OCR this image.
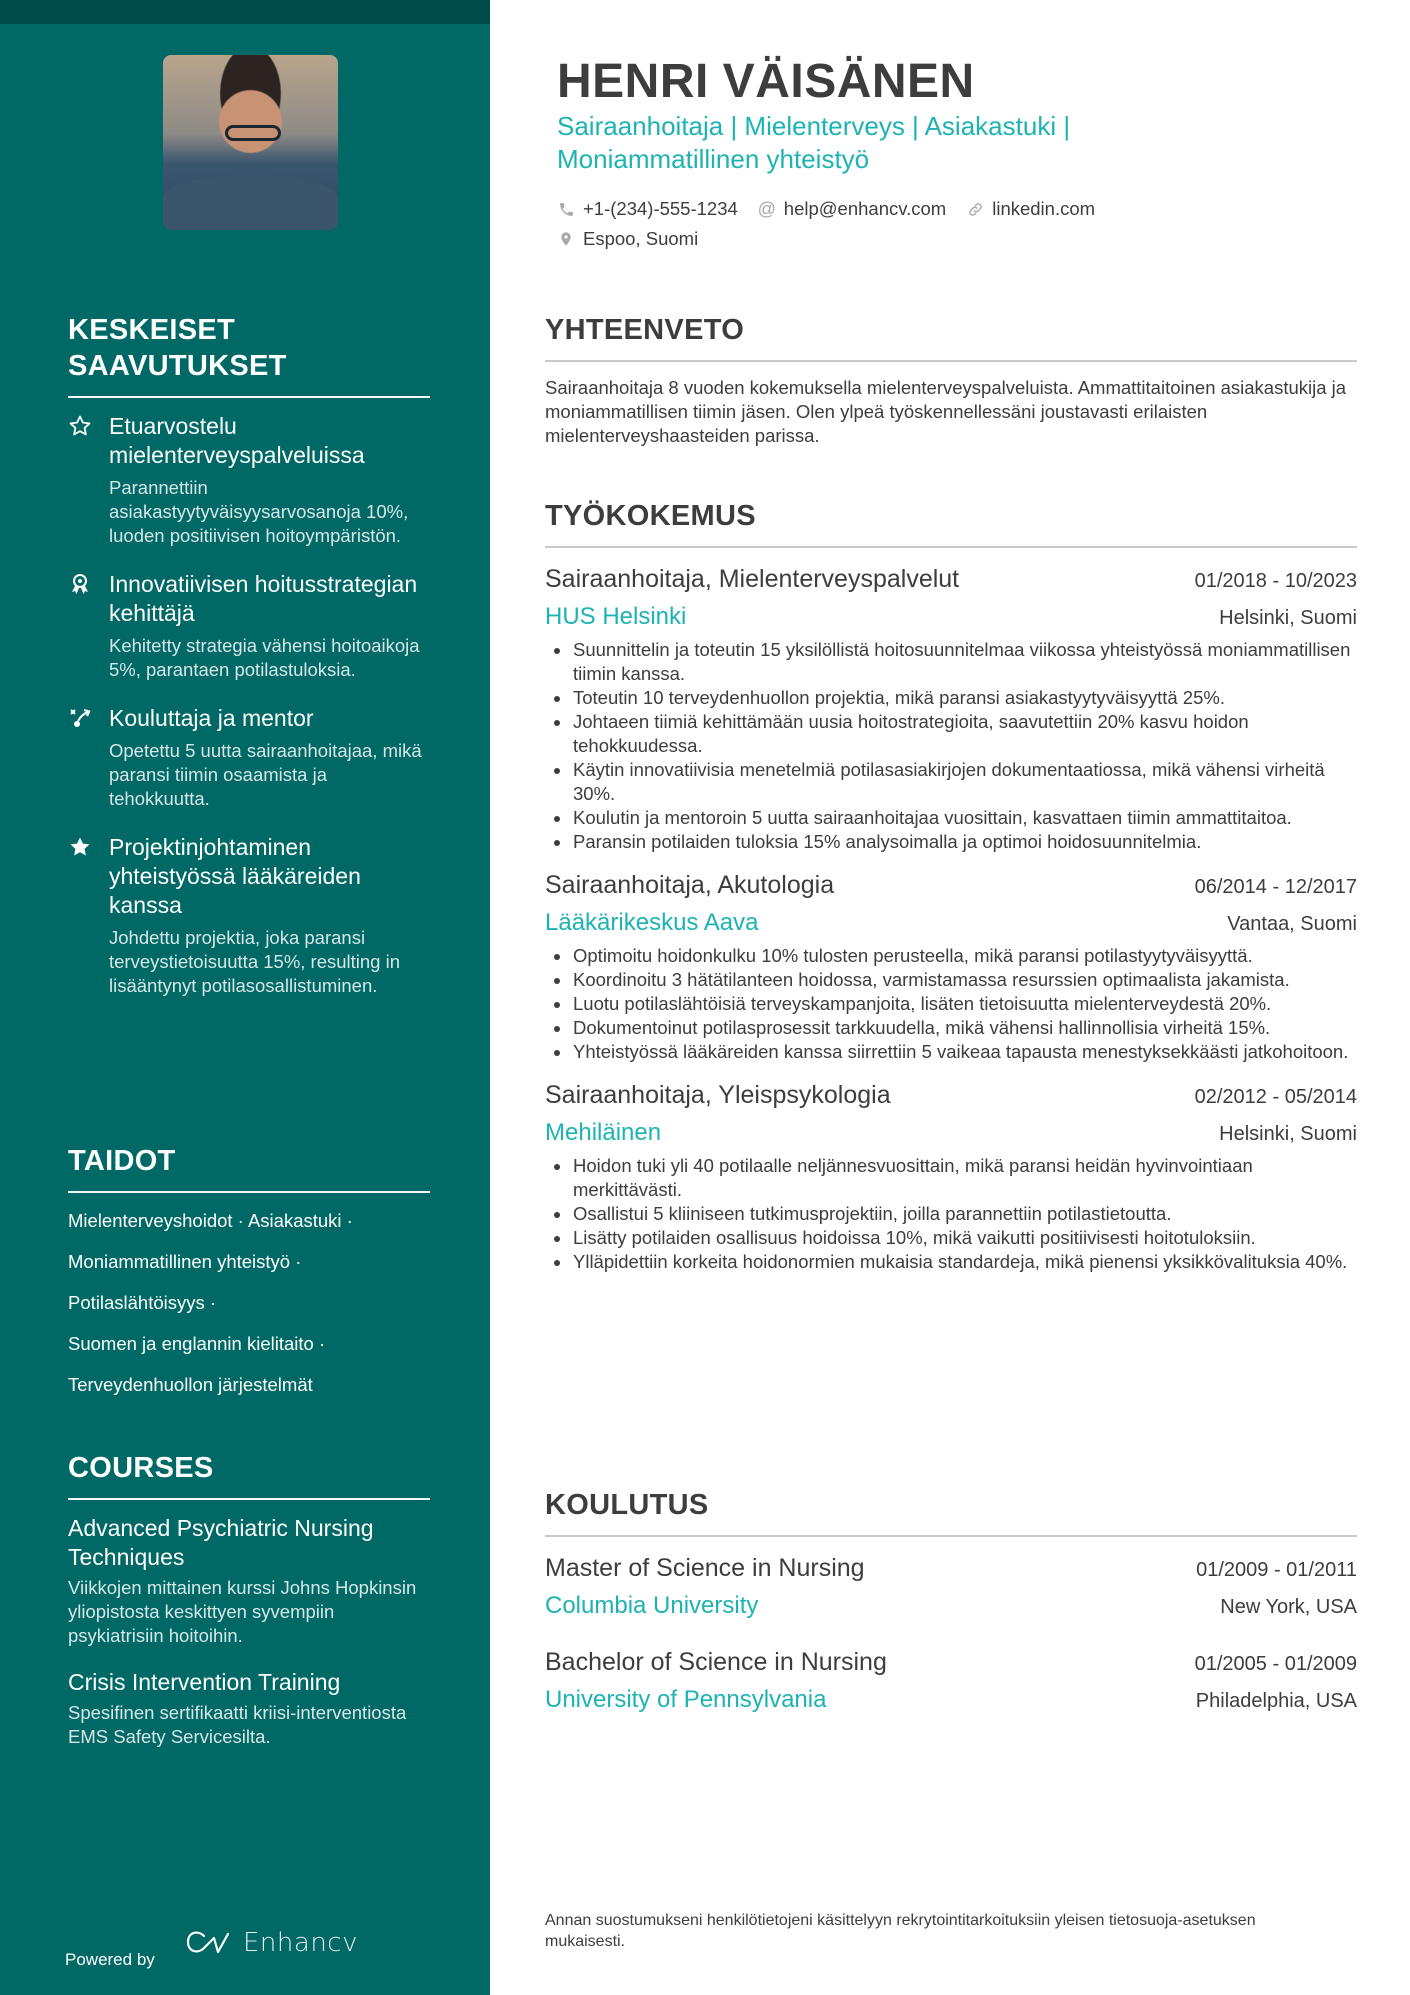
KESKEISET SAAVUTUKSET
Etuarvostelu mielenterveyspalveluissa
Parannettiin asiakastyytyväisyysarvosanoja 10%, luoden positiivisen hoitoympäristön.
Innovatiivisen hoitusstrategian kehittäjä
Kehitetty strategia vähensi hoitoaikoja 5%, parantaen potilastuloksia.
Kouluttaja ja mentor
Opetettu 5 uutta sairaanhoitajaa, mikä paransi tiimin osaamista ja tehokkuutta.
Projektinjohtaminen yhteistyössä lääkäreiden kanssa
Johdettu projektia, joka paransi terveystietoisuutta 15%, resulting in lisääntynyt potilasosallistuminen.
TAIDOT
Mielenterveyshoidot · Asiakastuki ·
Moniammatillinen yhteistyö ·
Potilaslähtöisyys ·
Suomen ja englannin kielitaito ·
Terveydenhuollon järjestelmät
COURSES
Advanced Psychiatric Nursing Techniques
Viikkojen mittainen kurssi Johns Hopkinsin yliopistosta keskittyen syvempiin psykiatrisiin hoitoihin.
Crisis Intervention Training
Spesifinen sertifikaatti kriisi-interventiosta EMS Safety Servicesilta.
Powered by
Enhancv
HENRI VÄISÄNEN
Sairaanhoitaja | Mielenterveys | Asiakastuki | Moniammatillinen yhteistyö
+1-(234)-555-1234 @ help@enhancv.com linkedin.com
Espoo, Suomi
YHTEENVETO

Sairaanhoitaja 8 vuoden kokemuksella mielenterveyspalveluista. Ammattitaitoinen asiakastukija ja moniammatillisen tiimin jäsen. Olen ylpeä työskennellessäni joustavasti erilaisten mielenterveyshaasteiden parissa.

TYÖKOKEMUS
Sairaanhoitaja, Mielenterveyspalvelut	01/2018 - 10/2023
HUS Helsinki	Helsinki, Suomi
Suunnittelin ja toteutin 15 yksilöllistä hoitosuunnitelmaa viikossa yhteistyössä moniammatillisen tiimin kanssa.
Toteutin 10 terveydenhuollon projektia, mikä paransi asiakastyytyväisyyttä 25%.
Johtaeen tiimiä kehittämään uusia hoitostrategioita, saavutettiin 20% kasvu hoidon tehokkuudessa.
Käytin innovatiivisia menetelmiä potilasasiakirjojen dokumentaatiossa, mikä vähensi virheitä 30%.
Koulutin ja mentoroin 5 uutta sairaanhoitajaa vuosittain, kasvattaen tiimin ammattitaitoa.
Paransin potilaiden tuloksia 15% analysoimalla ja optimoi hoidosuunnitelmia.
Sairaanhoitaja, Akutologia	06/2014 - 12/2017
Lääkärikeskus Aava	Vantaa, Suomi
Optimoitu hoidonkulku 10% tulosten perusteella, mikä paransi potilastyytyväisyyttä.
Koordinoitu 3 hätätilanteen hoidossa, varmistamassa resurssien optimaalista jakamista.
Luotu potilaslähtöisiä terveyskampanjoita, lisäten tietoisuutta mielenterveydestä 20%.
Dokumentoinut potilasprosessit tarkkuudella, mikä vähensi hallinnollisia virheitä 15%.
Yhteistyössä lääkäreiden kanssa siirrettiin 5 vaikeaa tapausta menestyksekkäästi jatkohoitoon.
Sairaanhoitaja, Yleispsykologia	02/2012 - 05/2014
Mehiläinen	Helsinki, Suomi
Hoidon tuki yli 40 potilaalle neljännesvuosittain, mikä paransi heidän hyvinvointiaan merkittävästi.
Osallistui 5 kliiniseen tutkimusprojektiin, joilla parannettiin potilastietoutta.
Lisätty potilaiden osallisuus hoidoissa 10%, mikä vaikutti positiivisesti hoitotuloksiin.
Ylläpidettiin korkeita hoidonormien mukaisia standardeja, mikä pienensi yksikkövalituksia 40%.
KOULUTUS
Master of Science in Nursing	01/2009 - 01/2011
Columbia University	New York, USA
Bachelor of Science in Nursing	01/2005 - 01/2009
University of Pennsylvania	Philadelphia, USA

Annan suostumukseni henkilötietojeni käsittelyyn rekrytointitarkoituksiin yleisen tietosuoja-asetuksen mukaisesti.
